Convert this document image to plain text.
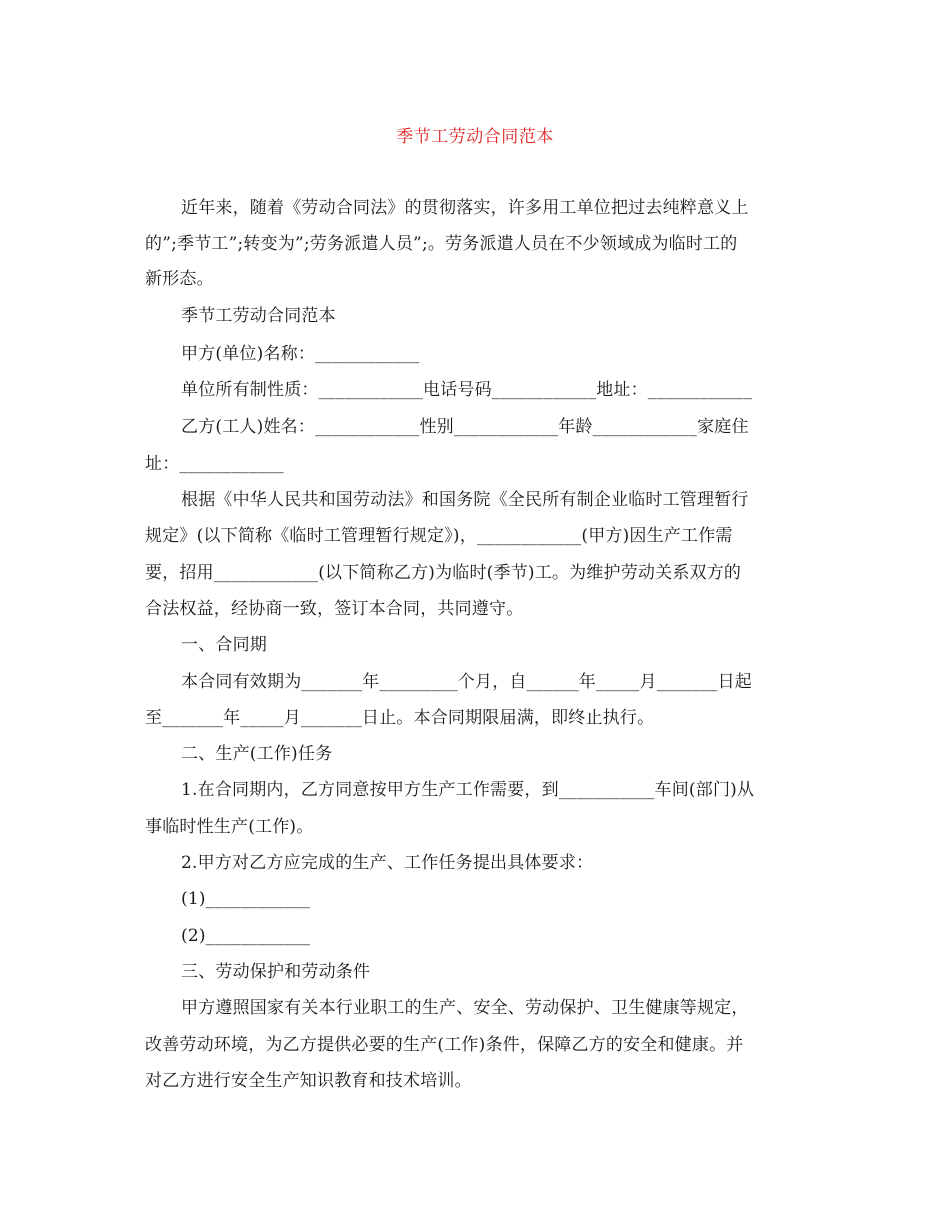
季节工劳动合同范本
近年来，随着《劳动合同法》的贯彻落实，许多用工单位把过去纯粹意义上
的”;季节工”;转变为”;劳务派遣人员”;。劳务派遣人员在不少领域成为临时工的
新形态。
季节工劳动合同范本
甲方(单位)名称：____________
单位所有制性质：____________电话号码____________地址：____________
乙方(工人)姓名：____________性别____________年龄____________家庭住
址：____________
根据《中华人民共和国劳动法》和国务院《全民所有制企业临时工管理暂行
规定》(以下简称《临时工管理暂行规定》)，____________(甲方)因生产工作需
要，招用____________(以下简称乙方)为临时(季节)工。为维护劳动关系双方的
合法权益，经协商一致，签订本合同，共同遵守。
一、合同期
本合同有效期为_______年_________个月，自______年_____月_______日起
至_______年_____月_______日止。本合同期限届满，即终止执行。
二、生产(工作)任务
1.在合同期内，乙方同意按甲方生产工作需要，到___________车间(部门)从
事临时性生产(工作)。
2.甲方对乙方应完成的生产、工作任务提出具体要求：
(1)____________
(2)____________
三、劳动保护和劳动条件
甲方遵照国家有关本行业职工的生产、安全、劳动保护、卫生健康等规定，
改善劳动环境，为乙方提供必要的生产(工作)条件，保障乙方的安全和健康。并
对乙方进行安全生产知识教育和技术培训。
